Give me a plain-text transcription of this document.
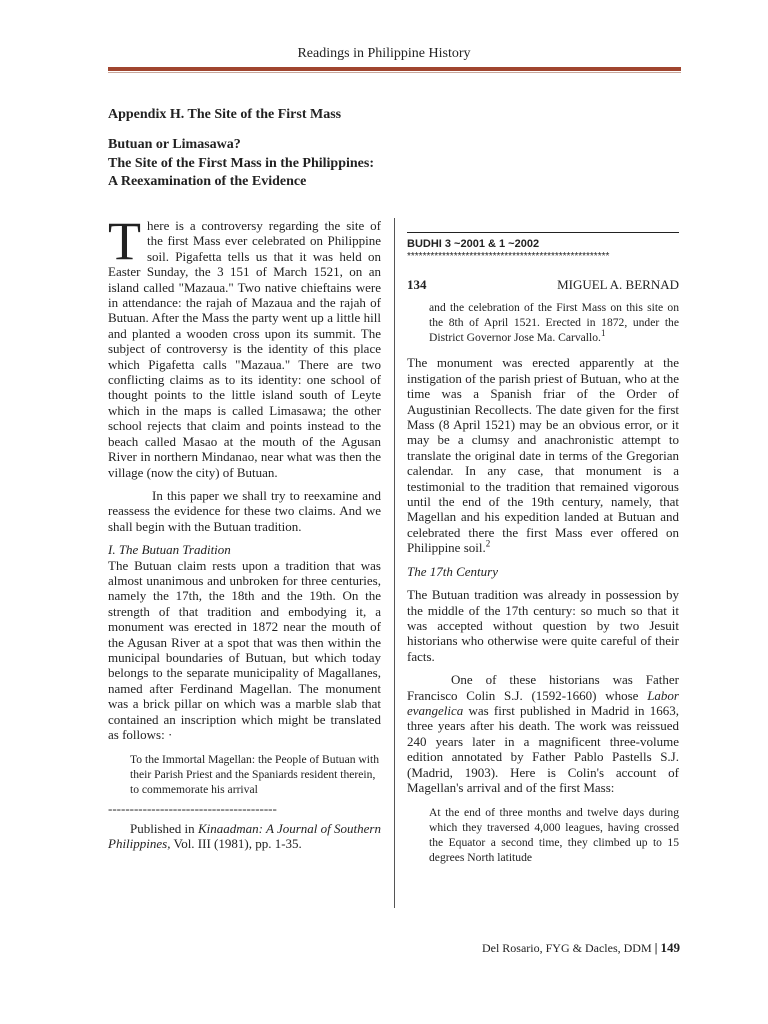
Readings in Philippine History
Appendix H. The Site of the First Mass
Butuan or Limasawa?
The Site of the First Mass in the Philippines:
A Reexamination of the Evidence

There is a controversy regarding the site of the first Mass ever celebrated on Philippine soil. Pigafetta tells us that it was held on Easter Sunday, the 3 151 of March 1521, on an island called "Mazaua." Two native chieftains were in attendance: the rajah of Mazaua and the rajah of Butuan. After the Mass the party went up a little hill and planted a wooden cross upon its summit. The subject of controversy is the identity of this place which Pigafetta calls "Mazaua." There are two conflicting claims as to its identity: one school of thought points to the little island south of Leyte which in the maps is called Limasawa; the other school rejects that claim and points instead to the beach called Masao at the mouth of the Agusan River in northern Mindanao, near what was then the village (now the city) of Butuan.

In this paper we shall try to reexamine and reassess the evidence for these two claims. And we shall begin with the Butuan tradition.

I. The Butuan Tradition

The Butuan claim rests upon a tradition that was almost unanimous and unbroken for three centuries, namely the 17th, the 18th and the 19th. On the strength of that tradition and embodying it, a monument was erected in 1872 near the mouth of the Agusan River at a spot that was then within the municipal boundaries of Butuan, but which today belongs to the separate municipality of Magallanes, named after Ferdinand Magellan. The monument was a brick pillar on which was a marble slab that contained an inscription which might be translated as follows: ·

To the Immortal Magellan: the People of Butuan with their Parish Priest and the Spaniards resident therein, to commemorate his arrival

---------------------------------------

Published in Kinaadman: A Journal of Southern Philippines, Vol. III (1981), pp. 1-35.

BUDHI 3 ~2001 & 1 ~2002
****************************************************
134	MIGUEL A. BERNAD

and the celebration of the First Mass on this site on the 8th of April 1521. Erected in 1872, under the District Governor Jose Ma. Carvallo.$^1$

The monument was erected apparently at the instigation of the parish priest of Butuan, who at the time was a Spanish friar of the Order of Augustinian Recollects. The date given for the first Mass (8 April 1521) may be an obvious error, or it may be a clumsy and anachronistic attempt to translate the original date in terms of the Gregorian calendar. In any case, that monument is a testimonial to the tradition that remained vigorous until the end of the 19th century, namely, that Magellan and his expedition landed at Butuan and celebrated there the first Mass ever offered on Philippine soil.$^2$

The 17th Century

The Butuan tradition was already in possession by the middle of the 17th century: so much so that it was accepted without question by two Jesuit historians who otherwise were quite careful of their facts.

One of these historians was Father Francisco Colin S.J. (1592-1660) whose Labor evangelica was first published in Madrid in 1663, three years after his death. The work was reissued 240 years later in a magnificent three-volume edition annotated by Father Pablo Pastells S.J. (Madrid, 1903). Here is Colin's account of Magellan's arrival and of the first Mass:

At the end of three months and twelve days during which they traversed 4,000 leagues, having crossed the Equator a second time, they climbed up to 15 degrees North latitude

Del Rosario, FYG & Dacles, DDM | 149
